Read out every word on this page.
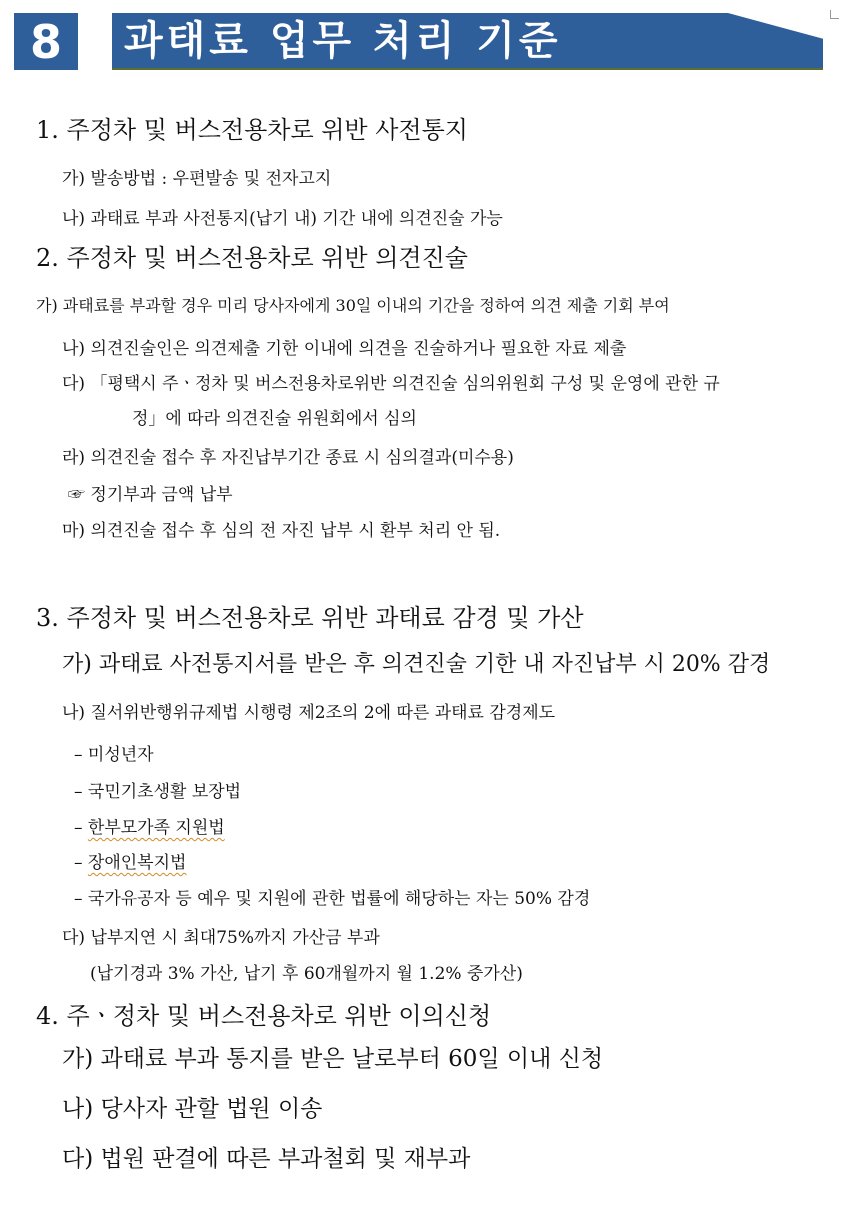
8 과태료 업무 처리 기준
1. 주정차 및 버스전용차로 위반 사전통지
가) 발송방법 : 우편발송 및 전자고지
나) 과태료 부과 사전통지(납기 내) 기간 내에 의견진술 가능
2. 주정차 및 버스전용차로 위반 의견진술
가) 과태료를 부과할 경우 미리 당사자에게 30일 이내의 기간을 정하여 의견 제출 기회 부여
나) 의견진술인은 의견제출 기한 이내에 의견을 진술하거나 필요한 자료 제출
다) 「평택시 주ㆍ정차 및 버스전용차로위반 의견진술 심의위원회 구성 및 운영에 관한 규
정」에 따라 의견진술 위원회에서 심의
라) 의견진술 접수 후 자진납부기간 종료 시 심의결과(미수용)
☞ 정기부과 금액 납부
마) 의견진술 접수 후 심의 전 자진 납부 시 환부 처리 안 됨.
3. 주정차 및 버스전용차로 위반 과태료 감경 및 가산
가) 과태료 사전통지서를 받은 후 의견진술 기한 내 자진납부 시 20% 감경
나) 질서위반행위규제법 시행령 제2조의 2에 따른 과태료 감경제도
– 미성년자
– 국민기초생활 보장법
– 한부모가족 지원법
– 장애인복지법
– 국가유공자 등 예우 및 지원에 관한 법률에 해당하는 자는 50% 감경
다) 납부지연 시 최대75%까지 가산금 부과
(납기경과 3% 가산, 납기 후 60개월까지 월 1.2% 중가산)
4. 주ㆍ정차 및 버스전용차로 위반 이의신청
가) 과태료 부과 통지를 받은 날로부터 60일 이내 신청
나) 당사자 관할 법원 이송
다) 법원 판결에 따른 부과철회 및 재부과
